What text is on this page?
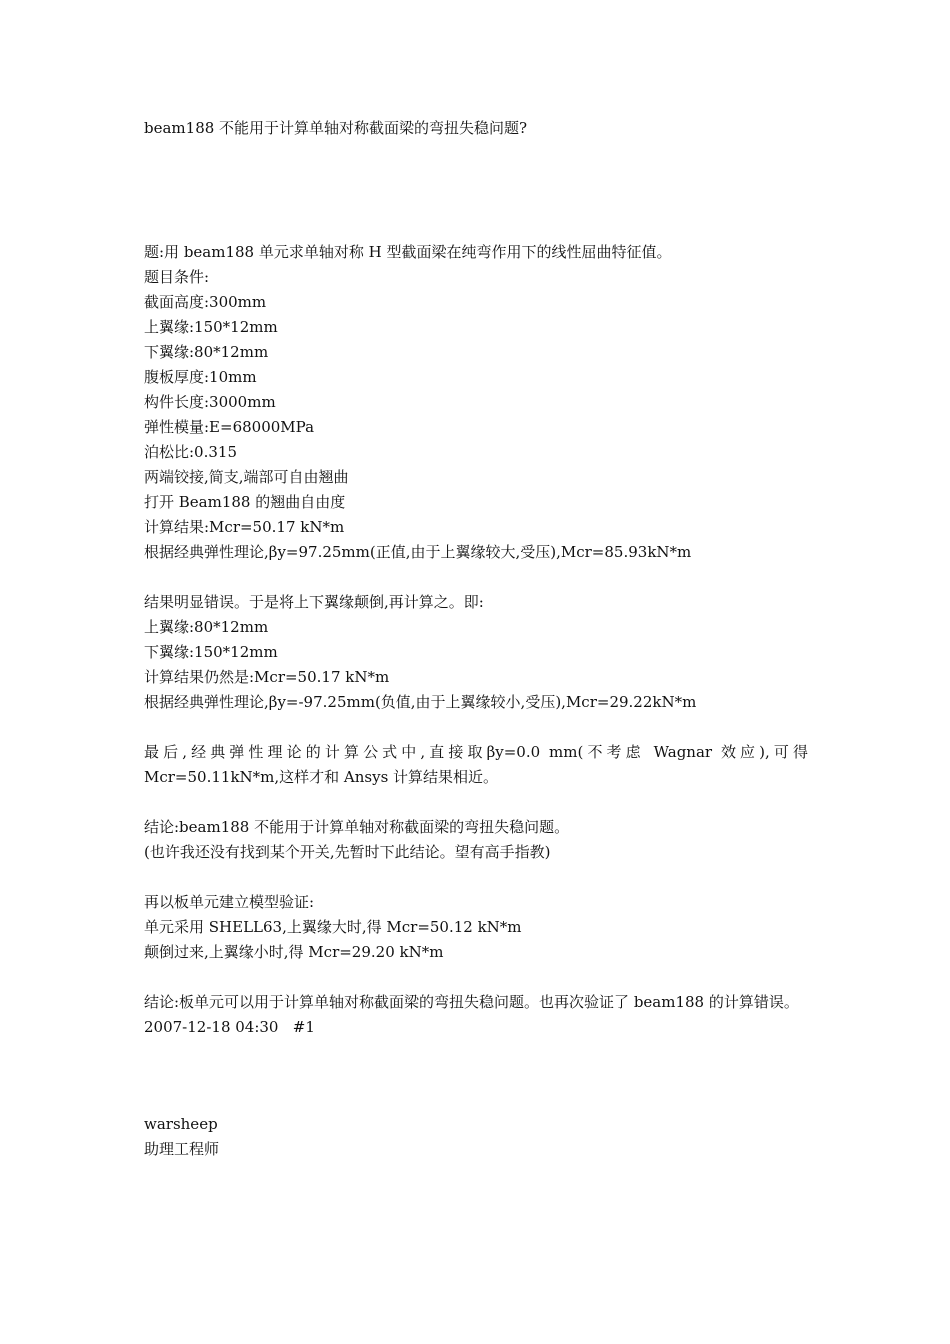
beam188 不能用于计算单轴对称截面梁的弯扭失稳问题?
题:用 beam188 单元求单轴对称 H 型截面梁在纯弯作用下的线性屈曲特征值。
题目条件:
截面高度:300mm
上翼缘:150*12mm
下翼缘:80*12mm
腹板厚度:10mm
构件长度:3000mm
弹性模量:E=68000MPa
泊松比:0.315
两端铰接,简支,端部可自由翘曲
打开 Beam188 的翘曲自由度
计算结果:Mcr=50.17 kN*m
根据经典弹性理论,βy=97.25mm(正值,由于上翼缘较大,受压),Mcr=85.93kN*m
结果明显错误。于是将上下翼缘颠倒,再计算之。即:
上翼缘:80*12mm
下翼缘:150*12mm
计算结果仍然是:Mcr=50.17 kN*m
根据经典弹性理论,βy=-97.25mm(负值,由于上翼缘较小,受压),Mcr=29.22kN*m
最后,经典弹性理论的计算公式中,直接取βy=0.0 mm(不考虑 Wagnar 效应),可得 Mcr=50.11kN*m,这样才和 Ansys 计算结果相近。
结论:beam188 不能用于计算单轴对称截面梁的弯扭失稳问题。
(也许我还没有找到某个开关,先暂时下此结论。望有高手指教)
再以板单元建立模型验证:
单元采用 SHELL63,上翼缘大时,得 Mcr=50.12 kN*m
颠倒过来,上翼缘小时,得 Mcr=29.20 kN*m
结论:板单元可以用于计算单轴对称截面梁的弯扭失稳问题。也再次验证了 beam188 的计算错误。
2007-12-18 04:30 #1
warsheep
助理工程师
